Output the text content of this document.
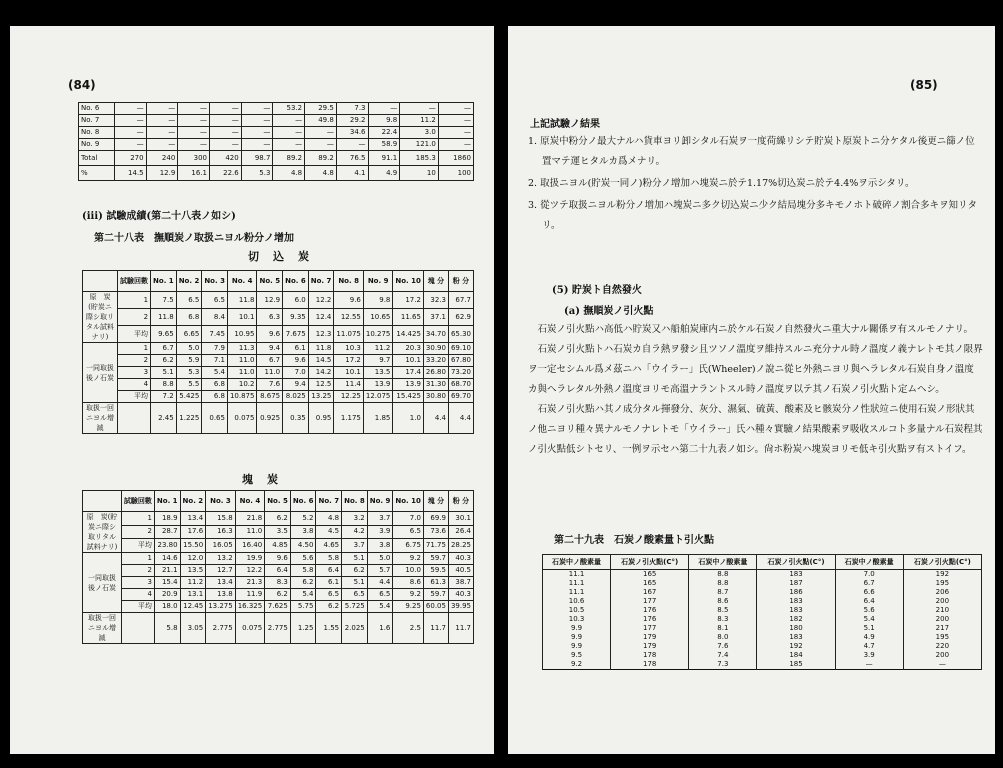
(84)
No. 6	—	—	—	—	—	53.2	29.5	7.3	—	—	—
No. 7	—	—	—	—	—	—	49.8	29.2	9.8	11.2	—
No. 8	—	—	—	—	—	—	—	34.6	22.4	3.0	—
No. 9	—	—	—	—	—	—	—	—	58.9	121.0	—
Total	270	240	300	420	98.7	89.2	89.2	76.5	91.1	185.3	1860
%	14.5	12.9	16.1	22.6	5.3	4.8	4.8	4.1	4.9	10	100
(iii) 試驗成績(第二十八表ノ如シ)
第二十八表　撫順炭ノ取扱ニヨル粉分ノ增加
切込炭
	試驗回數	No. 1	No. 2	No. 3	No. 4	No. 5	No. 6	No. 7	No. 8	No. 9	No. 10	塊 分	粉 分
原　炭(貯炭ニ際シ取リタル試料ナリ)	1	7.5	6.5	6.5	11.8	12.9	6.0	12.2	9.6	9.8	17.2	32.3	67.7
	2	11.8	6.8	8.4	10.1	6.3	9.35	12.4	12.55	10.65	11.65	37.1	62.9
	平均	9.65	6.65	7.45	10.95	9.6	7.675	12.3	11.075	10.275	14.425	34.70	65.30
一同取扱後ノ石炭	1	6.7	5.0	7.9	11.3	9.4	6.1	11.8	10.3	11.2	20.3	30.90	69.10
	2	6.2	5.9	7.1	11.0	6.7	9.6	14.5	17.2	9.7	10.1	33.20	67.80
	3	5.1	5.3	5.4	11.0	11.0	7.0	14.2	10.1	13.5	17.4	26.80	73.20
	4	8.8	5.5	6.8	10.2	7.6	9.4	12.5	11.4	13.9	13.9	31.30	68.70
	平均	7.2	5.425	6.8	10.875	8.675	8.025	13.25	12.25	12.075	15.425	30.80	69.70
取扱一回ニヨル增減		2.45	1.225	0.65	0.075	0.925	0.35	0.95	1.175	1.85	1.0	4.4	4.4
塊炭
	試驗回數	No. 1	No. 2	No. 3	No. 4	No. 5	No. 6	No. 7	No. 8	No. 9	No. 10	塊 分	粉 分
原　炭(貯炭ニ際シ取リタル試料ナリ)	1	18.9	13.4	15.8	21.8	6.2	5.2	4.8	3.2	3.7	7.0	69.9	30.1
	2	28.7	17.6	16.3	11.0	3.5	3.8	4.5	4.2	3.9	6.5	73.6	26.4
	平均	23.80	15.50	16.05	16.40	4.85	4.50	4.65	3.7	3.8	6.75	71.75	28.25
一同取扱後ノ石炭	1	14.6	12.0	13.2	19.9	9.6	5.6	5.8	5.1	5.0	9.2	59.7	40.3
	2	21.1	13.5	12.7	12.2	6.4	5.8	6.4	6.2	5.7	10.0	59.5	40.5
	3	15.4	11.2	13.4	21.3	8.3	6.2	6.1	5.1	4.4	8.6	61.3	38.7
	4	20.9	13.1	13.8	11.9	6.2	5.4	6.5	6.5	6.5	9.2	59.7	40.3
	平均	18.0	12.45	13.275	16.325	7.625	5.75	6.2	5.725	5.4	9.25	60.05	39.95
取扱一回ニヨル增減		5.8	3.05	2.775	0.075	2.775	1.25	1.55	2.025	1.6	2.5	11.7	11.7
(85)
上記試驗ノ結果
1. 原炭中粉分ノ最大ナルハ貨車ヨリ卸シタル石炭ヲ一度荷繰リシテ貯炭ト原炭トニ分ケタル後更ニ篩ノ位置マテ運ヒタルカ爲メナリ。
2. 取扱ニヨル(貯炭一同ノ)粉分ノ增加ハ塊炭ニ於テ1.17%切込炭ニ於テ4.4%ヲ示シタリ。
3. 從ツテ取扱ニヨル粉分ノ增加ハ塊炭ニ多ク切込炭ニ少ク結局塊分多キモノホト破碎ノ割合多キヲ知リタリ。
(5) 貯炭ト自然發火
(a) 撫順炭ノ引火點
石炭ノ引火點ハ高低ハ貯炭又ハ船舶炭庫内ニ於ケル石炭ノ自然發火ニ重大ナル關係ヲ有スルモノナリ。
石炭ノ引火點トハ石炭カ自ラ熱ヲ發シ且ツソノ溫度ヲ維持スルニ充分ナル時ノ溫度ノ義ナレトモ其ノ限界ヲ一定セシムル爲メ茲ニハ「ウイラー」氏(Wheeler)ノ說ニ從ヒ外熱ニヨリ與ヘラレタル石炭自身ノ溫度カ與ヘラレタル外熱ノ溫度ヨリモ高溫ナラントスル時ノ溫度ヲ以テ其ノ石炭ノ引火點ト定ムヘシ。
石炭ノ引火點ハ其ノ成分タル揮發分、灰分、濕氣、硫黃、酸素及ヒ骸炭分ノ性狀竝ニ使用石炭ノ形狀其ノ他ニヨリ種々異ナルモノナレトモ「ウイラー」氏ハ種々實驗ノ結果酸素ヲ吸收スルコト多量ナル石炭程其ノ引火點低シトセリ、一例ヲ示セハ第二十九表ノ如シ。尙ホ粉炭ハ塊炭ヨリモ低キ引火點ヲ有ストイフ。
第二十九表　石炭ノ酸素量ト引火點
石炭中ノ酸素量	石炭ノ引火點(C°)	石炭中ノ酸素量	石炭ノ引火點(C°)	石炭中ノ酸素量	石炭ノ引火點(C°)
11.1	165	8.8	183	7.0	192
11.1	165	8.8	187	6.7	195
11.1	167	8.7	186	6.6	206
10.6	177	8.6	183	6.4	200
10.5	176	8.5	183	5.6	210
10.3	176	8.3	182	5.4	200
9.9	177	8.1	180	5.1	217
9.9	179	8.0	183	4.9	195
9.9	179	7.6	192	4.7	220
9.5	178	7.4	184	3.9	200
9.2	178	7.3	185	—	—
